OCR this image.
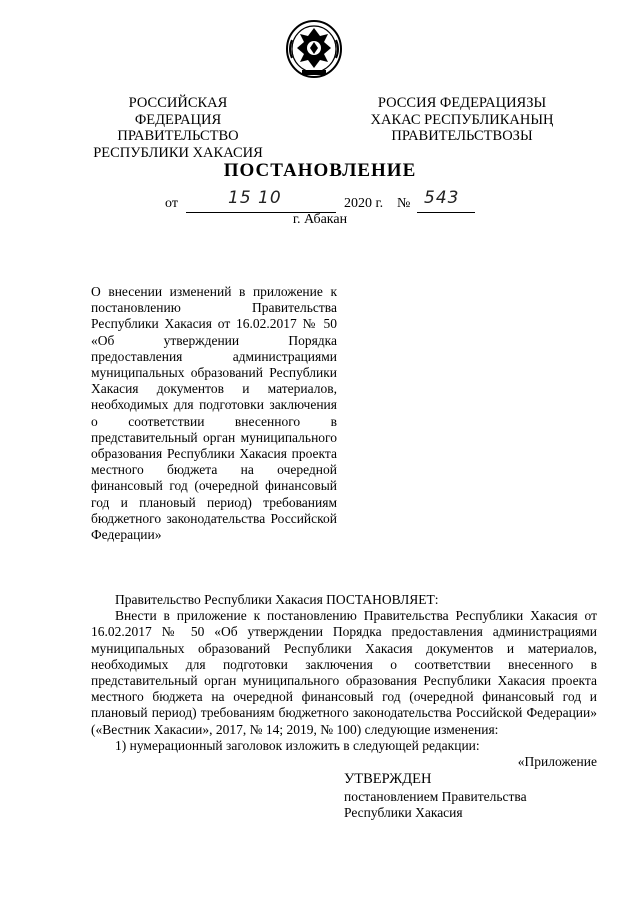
РОССИЙСКАЯ ФЕДЕРАЦИЯ
ПРАВИТЕЛЬСТВО
РЕСПУБЛИКИ ХАКАСИЯ
РОССИЯ ФЕДЕРАЦИЯЗЫ
ХАКАС РЕСПУБЛИКАНЫҢ
ПРАВИТЕЛЬСТВОЗЫ
ПОСТАНОВЛЕНИЕ
от	15 10	2020 г. № 543
г. Абакан
О внесении изменений в приложение к постановлению Правительства Республики Хакасия от 16.02.2017 № 50 «Об утверждении Порядка предоставления администрациями муниципальных образований Республики Хакасия документов и материалов, необходимых для подготовки заключения о соответствии внесенного в представительный орган муниципального образования Республики Хакасия проекта местного бюджета на очередной финансовый год (очередной финансовый год и плановый период) требованиям бюджетного законодательства Российской Федерации»

Правительство Республики Хакасия ПОСТАНОВЛЯЕТ:

Внести в приложение к постановлению Правительства Республики Хакасия от 16.02.2017 № 50 «Об утверждении Порядка предоставления администрациями муниципальных образований Республики Хакасия документов и материалов, необходимых для подготовки заключения о соответствии внесенного в представительный орган муниципального образования Республики Хакасия проекта местного бюджета на очередной финансовый год (очередной финансовый год и плановый период) требованиям бюджетного законодательства Российской Федерации» («Вестник Хакасии», 2017, № 14; 2019, № 100) следующие изменения:

1) нумерационный заголовок изложить в следующей редакции:

«Приложение

УТВЕРЖДЕН
постановлением Правительства
Республики Хакасия
